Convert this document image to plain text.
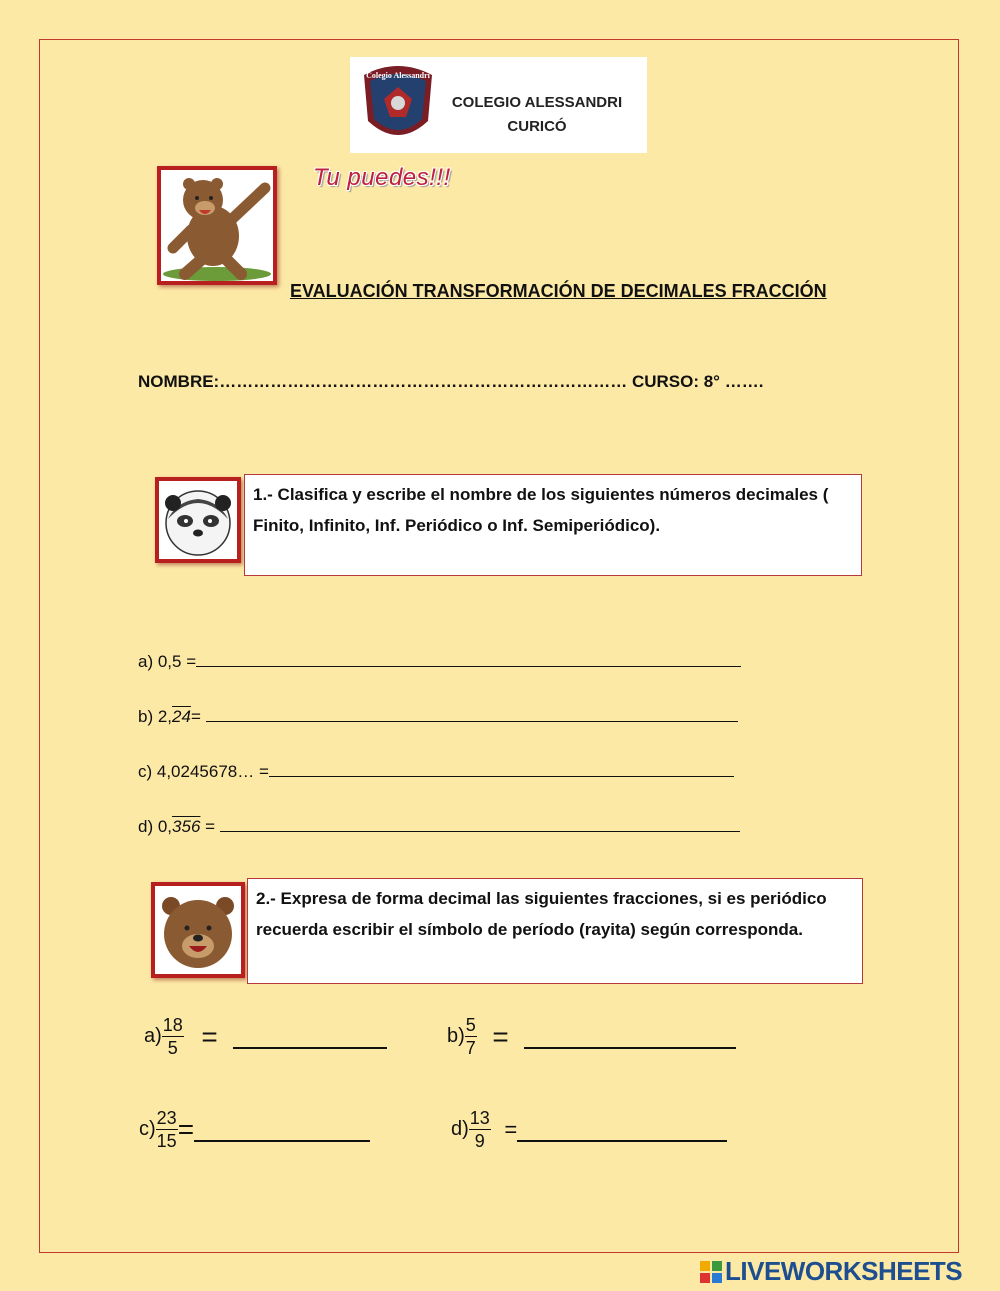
Colegio Alessandri
COLEGIO ALESSANDRI
CURICÓ
Tu puedes!!!
EVALUACIÓN TRANSFORMACIÓN DE DECIMALES FRACCIÓN
NOMBRE:……………………………………………………………… CURSO: 8° …….
1.- Clasifica y escribe el nombre de los siguientes números decimales ( Finito, Infinito, Inf. Periódico o Inf. Semiperiódico).
a) 0,5 =
b) 2,24=
c) 4,0245678… =
d) 0,356 =
2.- Expresa de forma decimal las siguientes fracciones, si es periódico recuerda escribir el símbolo de período (rayita) según corresponda.
$a) \frac{18}{5}$ =	$b) \frac{5}{7}$ =
$c) \frac{23}{15}$ =	$d) \frac{13}{9}$ =
LIVEWORKSHEETS
